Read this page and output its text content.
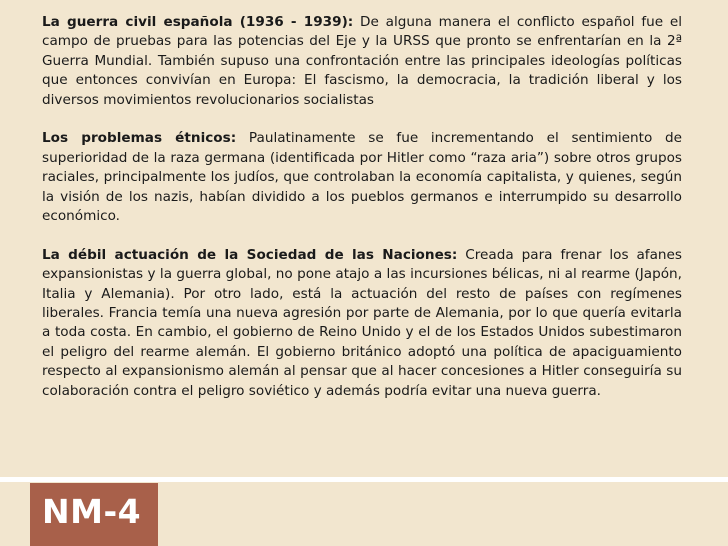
La guerra civil española (1936 - 1939): De alguna manera el conflicto español fue el campo de pruebas para las potencias del Eje y la URSS que pronto se enfrentarían en la 2ª Guerra Mundial. También supuso una confrontación entre las principales ideologías políticas que entonces convivían en Europa: El fascismo, la democracia, la tradición liberal y los diversos movimientos revolucionarios socialistas

Los problemas étnicos: Paulatinamente se fue incrementando el sentimiento de superioridad de la raza germana (identificada por Hitler como “raza aria”) sobre otros grupos raciales, principalmente los judíos, que controlaban la economía capitalista, y quienes, según la visión de los nazis, habían dividido a los pueblos germanos e interrumpido su desarrollo económico.

La débil actuación de la Sociedad de las Naciones: Creada para frenar los afanes expansionistas y la guerra global, no pone atajo a las incursiones bélicas, ni al rearme (Japón, Italia y Alemania). Por otro lado, está la actuación del resto de países con regímenes liberales. Francia temía una nueva agresión por parte de Alemania, por lo que quería evitarla a toda costa. En cambio, el gobierno de Reino Unido y el de los Estados Unidos subestimaron el peligro del rearme alemán. El gobierno británico adoptó una política de apaciguamiento respecto al expansionismo alemán al pensar que al hacer concesiones a Hitler conseguiría su colaboración contra el peligro soviético y además podría evitar una nueva guerra.

NM-4
